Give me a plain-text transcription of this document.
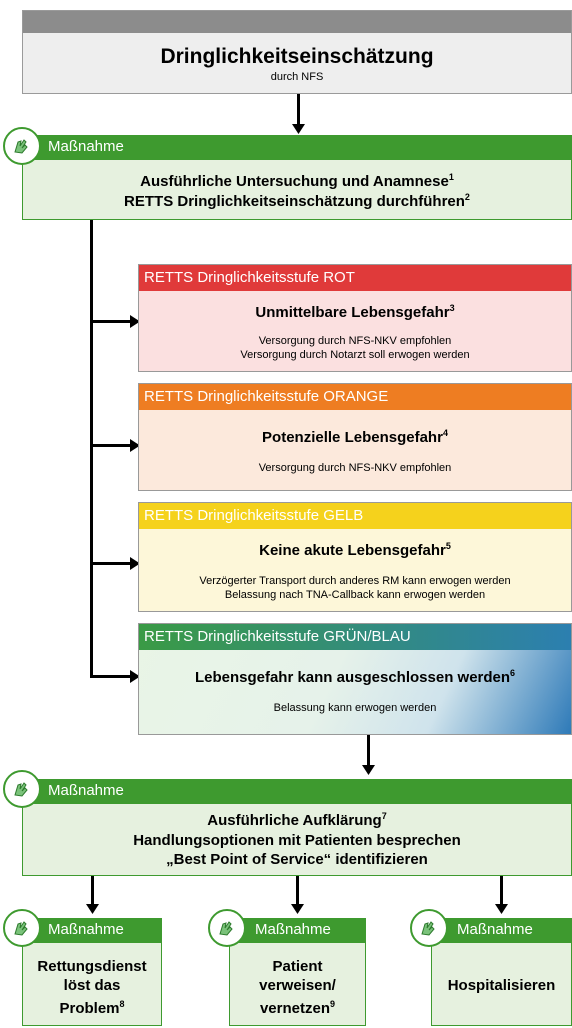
Dringlichkeitseinschätzung
durch NFS
Maßnahme
Ausführliche Untersuchung und Anamnese$^1$
RETTS Dringlichkeitseinschätzung durchführen$^2$
RETTS Dringlichkeitsstufe ROT
Unmittelbare Lebensgefahr$^3$
Versorgung durch NFS-NKV empfohlen
Versorgung durch Notarzt soll erwogen werden
RETTS Dringlichkeitsstufe ORANGE
Potenzielle Lebensgefahr$^4$
Versorgung durch NFS-NKV empfohlen
RETTS Dringlichkeitsstufe GELB
Keine akute Lebensgefahr$^5$
Verzögerter Transport durch anderes RM kann erwogen werden
Belassung nach TNA-Callback kann erwogen werden
RETTS Dringlichkeitsstufe GRÜN/BLAU
Lebensgefahr kann ausgeschlossen werden$^6$
Belassung kann erwogen werden
Maßnahme
Ausführliche Aufklärung$^7$
Handlungsoptionen mit Patienten besprechen
„Best Point of Service“ identifizieren
Maßnahme
Rettungsdienst
löst das
Problem$^8$
Maßnahme
Patient
verweisen/
vernetzen$^9$
Maßnahme
Hospitalisieren
